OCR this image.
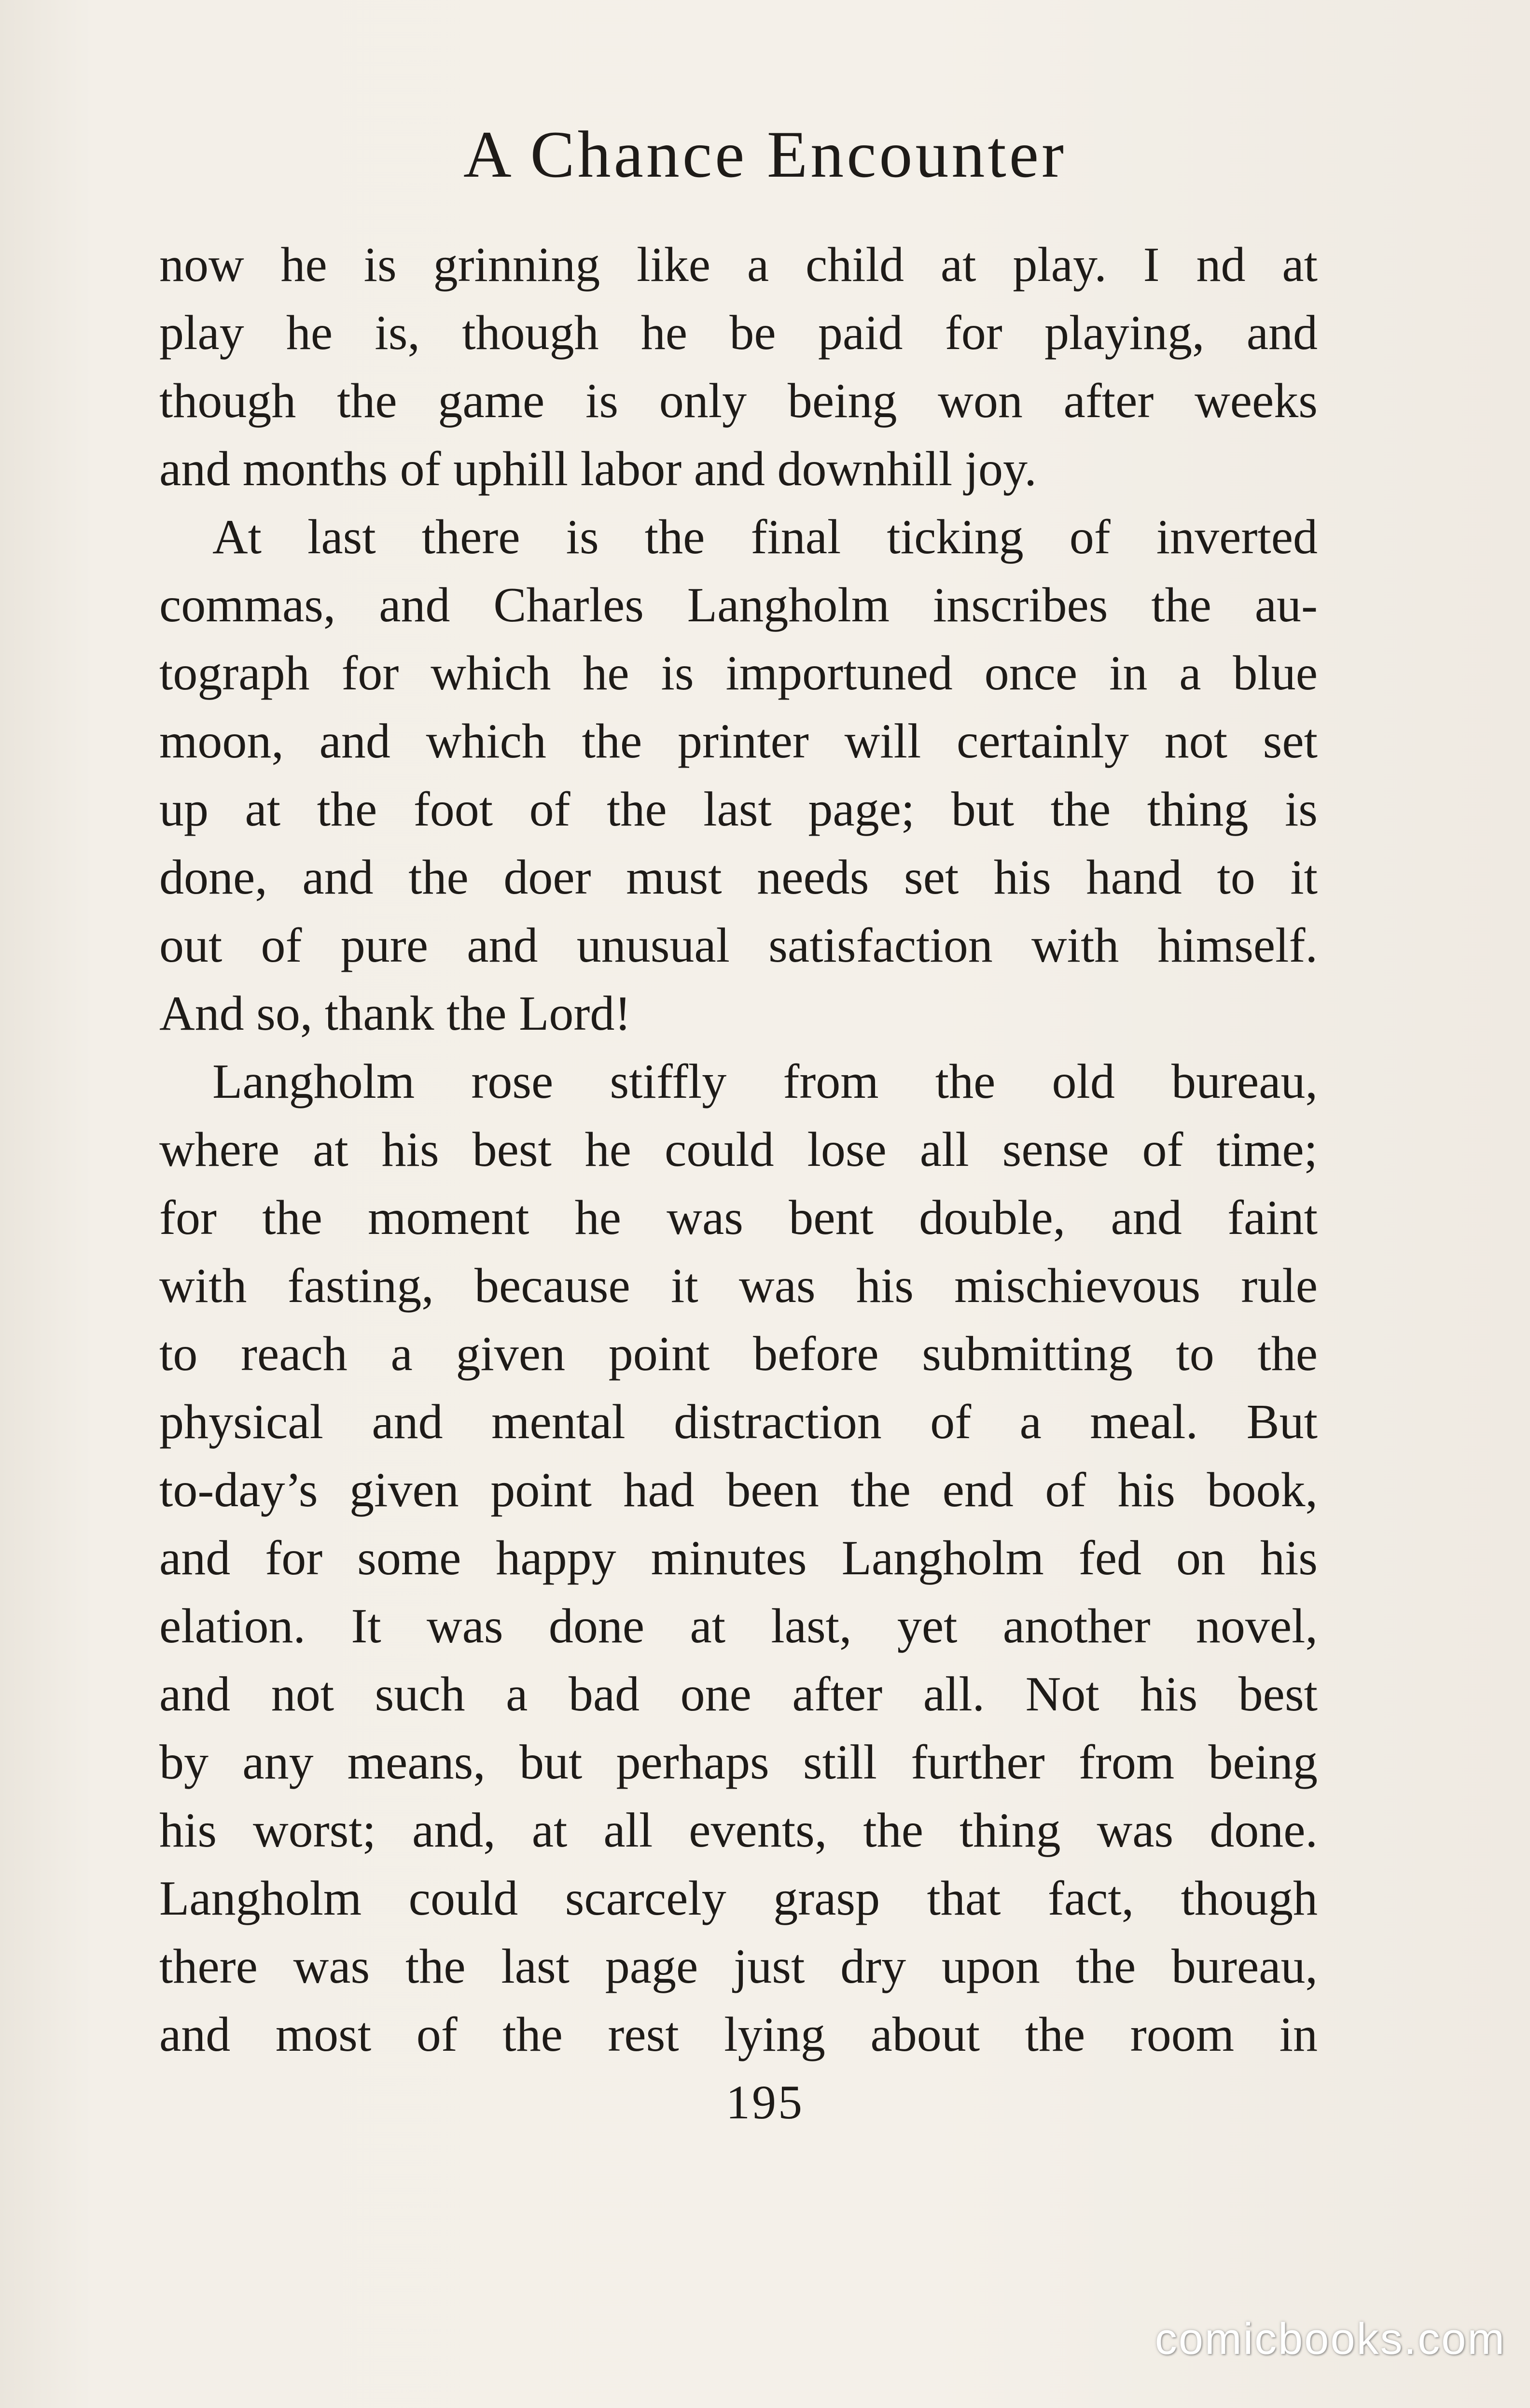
A Chance Encounter
now he is grinning like a child at play. I nd at
play he is, though he be paid for playing, and
though the game is only being won after weeks
and months of uphill labor and downhill joy.
At last there is the final ticking of inverted
commas, and Charles Langholm inscribes the au-
tograph for which he is importuned once in a blue
moon, and which the printer will certainly not set
up at the foot of the last page; but the thing is
done, and the doer must needs set his hand to it
out of pure and unusual satisfaction with himself.
And so, thank the Lord!
Langholm rose stiffly from the old bureau,
where at his best he could lose all sense of time;
for the moment he was bent double, and faint
with fasting, because it was his mischievous rule
to reach a given point before submitting to the
physical and mental distraction of a meal. But
to-day’s given point had been the end of his book,
and for some happy minutes Langholm fed on his
elation. It was done at last, yet another novel,
and not such a bad one after all. Not his best
by any means, but perhaps still further from being
his worst; and, at all events, the thing was done.
Langholm could scarcely grasp that fact, though
there was the last page just dry upon the bureau,
and most of the rest lying about the room in
195
comicbooks.com
